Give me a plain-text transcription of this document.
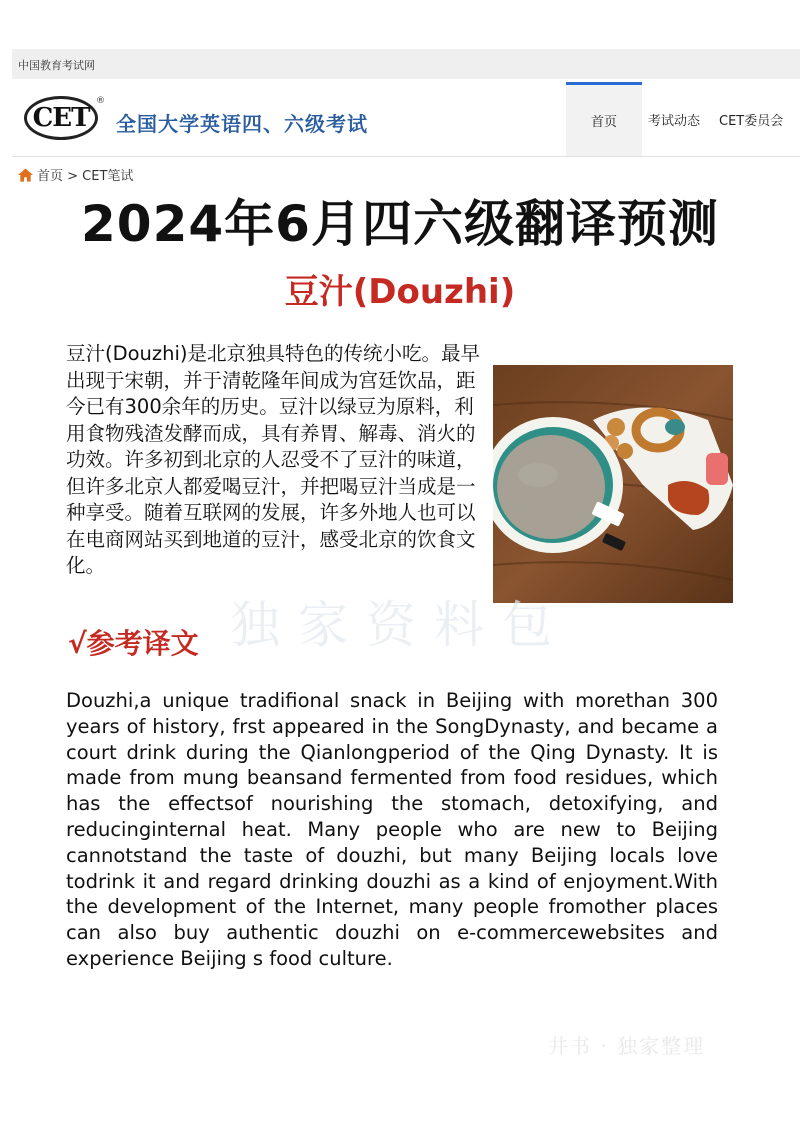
中国教育考试网
CET
®
全国大学英语四、六级考试	首页	考试动态 CET委员会
首页 > CET笔试
2024年6月四六级翻译预测
豆汁(Douzhi)
豆汁(Douzhi)是北京独具特色的传统小吃。最早出现于宋朝，并于清乾隆年间成为宫廷饮品，距今已有300余年的历史。豆汁以绿豆为原料，利用食物残渣发酵而成，具有养胃、解毒、消火的功效。许多初到北京的人忍受不了豆汁的味道，但许多北京人都爱喝豆汁，并把喝豆汁当成是一种享受。随着互联网的发展，许多外地人也可以在电商网站买到地道的豆汁，感受北京的饮食文化。
独家资料包
√参考译文
Douzhi,a unique tradifional snack in Beijing with morethan 300 years of history, frst appeared in the SongDynasty, and became a court drink during the Qianlongperiod of the Qing Dynasty. It is made from mung beansand fermented from food residues, which has the effectsof nourishing the stomach, detoxifying, and reducinginternal heat. Many people who are new to Beijing cannotstand the taste of douzhi, but many Beijing locals love todrink it and regard drinking douzhi as a kind of enjoyment.With the development of the Internet, many people fromother places can also buy authentic douzhi on e-commercewebsites and experience Beijing s food culture.
井书 · 独家整理
